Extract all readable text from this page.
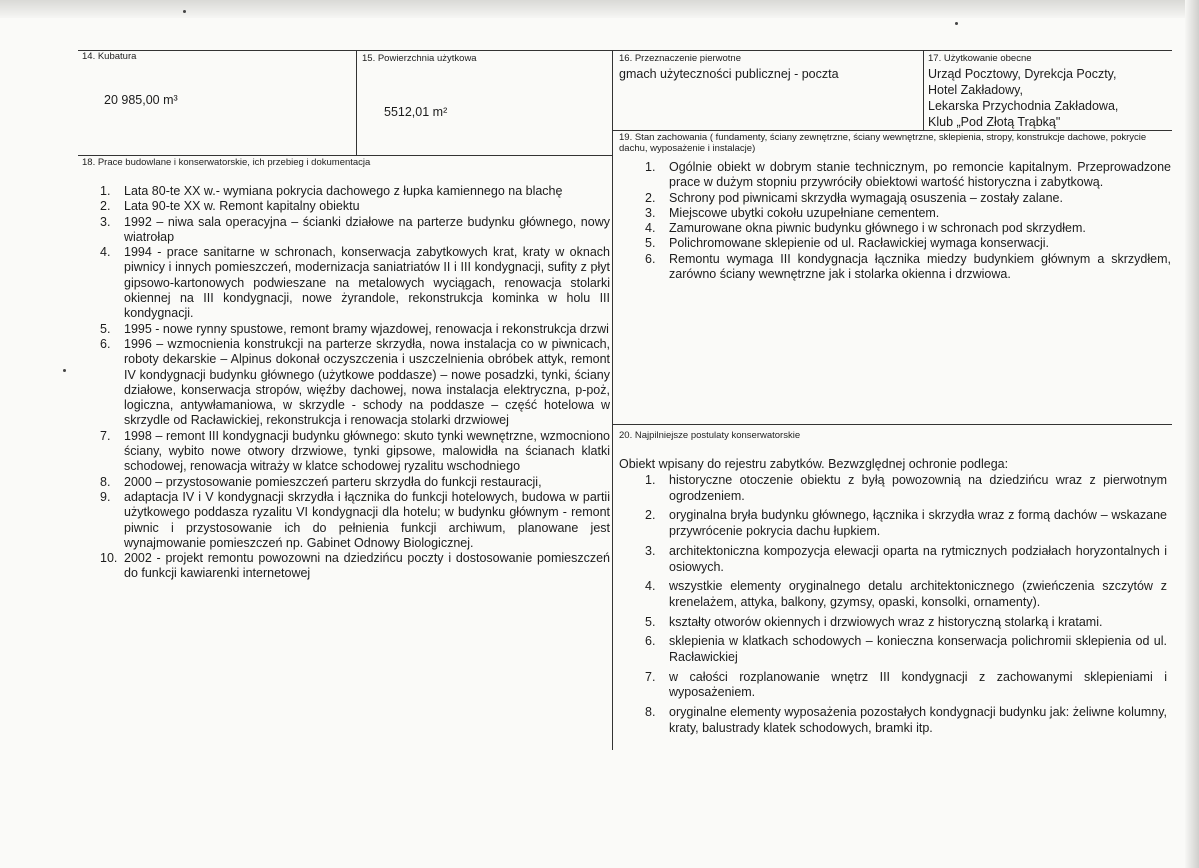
14. Kubatura
20 985,00 m³
15. Powierzchnia użytkowa
5512,01 m²
16. Przeznaczenie pierwotne
gmach użyteczności publicznej - poczta
17. Użytkowanie obecne
Urząd Pocztowy, Dyrekcja Poczty,
Hotel Zakładowy,
Lekarska Przychodnia Zakładowa,
Klub „Pod Złotą Trąbką"
18. Prace budowlane i konserwatorskie, ich przebieg i dokumentacja
1. Lata 80-te XX w.- wymiana pokrycia dachowego z łupka kamiennego na blachę
2. Lata 90-te XX w. Remont kapitalny obiektu
3. 1992 – niwa sala operacyjna – ścianki działowe na parterze budynku głównego, nowy wiatrołap
4. 1994 - prace sanitarne w schronach, konserwacja zabytkowych krat, kraty w oknach piwnicy i innych pomieszczeń, modernizacja saniatriatów II i III kondygnacji, sufity z płyt gipsowo-kartonowych podwieszane na metalowych wyciągach, renowacja stolarki okiennej na III kondygnacji, nowe żyrandole, rekonstrukcja kominka w holu III kondygnacji.
5. 1995 - nowe rynny spustowe, remont bramy wjazdowej, renowacja i rekonstrukcja drzwi
6. 1996 – wzmocnienia konstrukcji na parterze skrzydła, nowa instalacja co w piwnicach, roboty dekarskie – Alpinus dokonał oczyszczenia i uszczelnienia obróbek attyk, remont IV kondygnacji budynku głównego (użytkowe poddasze) – nowe posadzki, tynki, ściany działowe, konserwacja stropów, więźby dachowej, nowa instalacja elektryczna, p-poż, logiczna, antywłamaniowa, w skrzydle - schody na poddasze – część hotelowa w skrzydle od Racławickiej, rekonstrukcja i renowacja stolarki drzwiowej
7. 1998 – remont III kondygnacji budynku głównego: skuto tynki wewnętrzne, wzmocniono ściany, wybito nowe otwory drzwiowe, tynki gipsowe, malowidła na ścianach klatki schodowej, renowacja witraży w klatce schodowej ryzalitu wschodniego
8. 2000 – przystosowanie pomieszczeń parteru skrzydła do funkcji restauracji,
9. adaptacja IV i V kondygnacji skrzydła i łącznika do funkcji hotelowych, budowa w partii użytkowego poddasza ryzalitu VI kondygnacji dla hotelu; w budynku głównym - remont piwnic i przystosowanie ich do pełnienia funkcji archiwum, planowane jest wynajmowanie pomieszczeń np. Gabinet Odnowy Biologicznej.
10. 2002 - projekt remontu powozowni na dziedzińcu poczty i dostosowanie pomieszczeń do funkcji kawiarenki internetowej
19. Stan zachowania ( fundamenty, ściany zewnętrzne, ściany wewnętrzne, sklepienia, stropy, konstrukcje dachowe, pokrycie dachu, wyposażenie i instalacje)
1. Ogólnie obiekt w dobrym stanie technicznym, po remoncie kapitalnym. Przeprowadzone prace w dużym stopniu przywróciły obiektowi wartość historyczna i zabytkową.
2. Schrony pod piwnicami skrzydła wymagają osuszenia – zostały zalane.
3. Miejscowe ubytki cokołu uzupełniane cementem.
4. Zamurowane okna piwnic budynku głównego i w schronach pod skrzydłem.
5. Polichromowane sklepienie od ul. Racławickiej wymaga konserwacji.
6. Remontu wymaga III kondygnacja łącznika miedzy budynkiem głównym a skrzydłem, zarówno ściany wewnętrzne jak i stolarka okienna i drzwiowa.
20. Najpilniejsze postulaty konserwatorskie
Obiekt wpisany do rejestru zabytków. Bezwzględnej ochronie podlega:
1. historyczne otoczenie obiektu z byłą powozownią na dziedzińcu wraz z pierwotnym ogrodzeniem.
2. oryginalna bryła budynku głównego, łącznika i skrzydła wraz z formą dachów – wskazane przywrócenie pokrycia dachu łupkiem.
3. architektoniczna kompozycja elewacji oparta na rytmicznych podziałach horyzontalnych i osiowych.
4. wszystkie elementy oryginalnego detalu architektonicznego (zwieńczenia szczytów z krenelażem, attyka, balkony, gzymsy, opaski, konsolki, ornamenty).
5. kształty otworów okiennych i drzwiowych wraz z historyczną stolarką i kratami.
6. sklepienia w klatkach schodowych – konieczna konserwacja polichromii sklepienia od ul. Racławickiej
7. w całości rozplanowanie wnętrz III kondygnacji z zachowanymi sklepieniami i wyposażeniem.
8. oryginalne elementy wyposażenia pozostałych kondygnacji budynku jak: żeliwne kolumny, kraty, balustrady klatek schodowych, bramki itp.
